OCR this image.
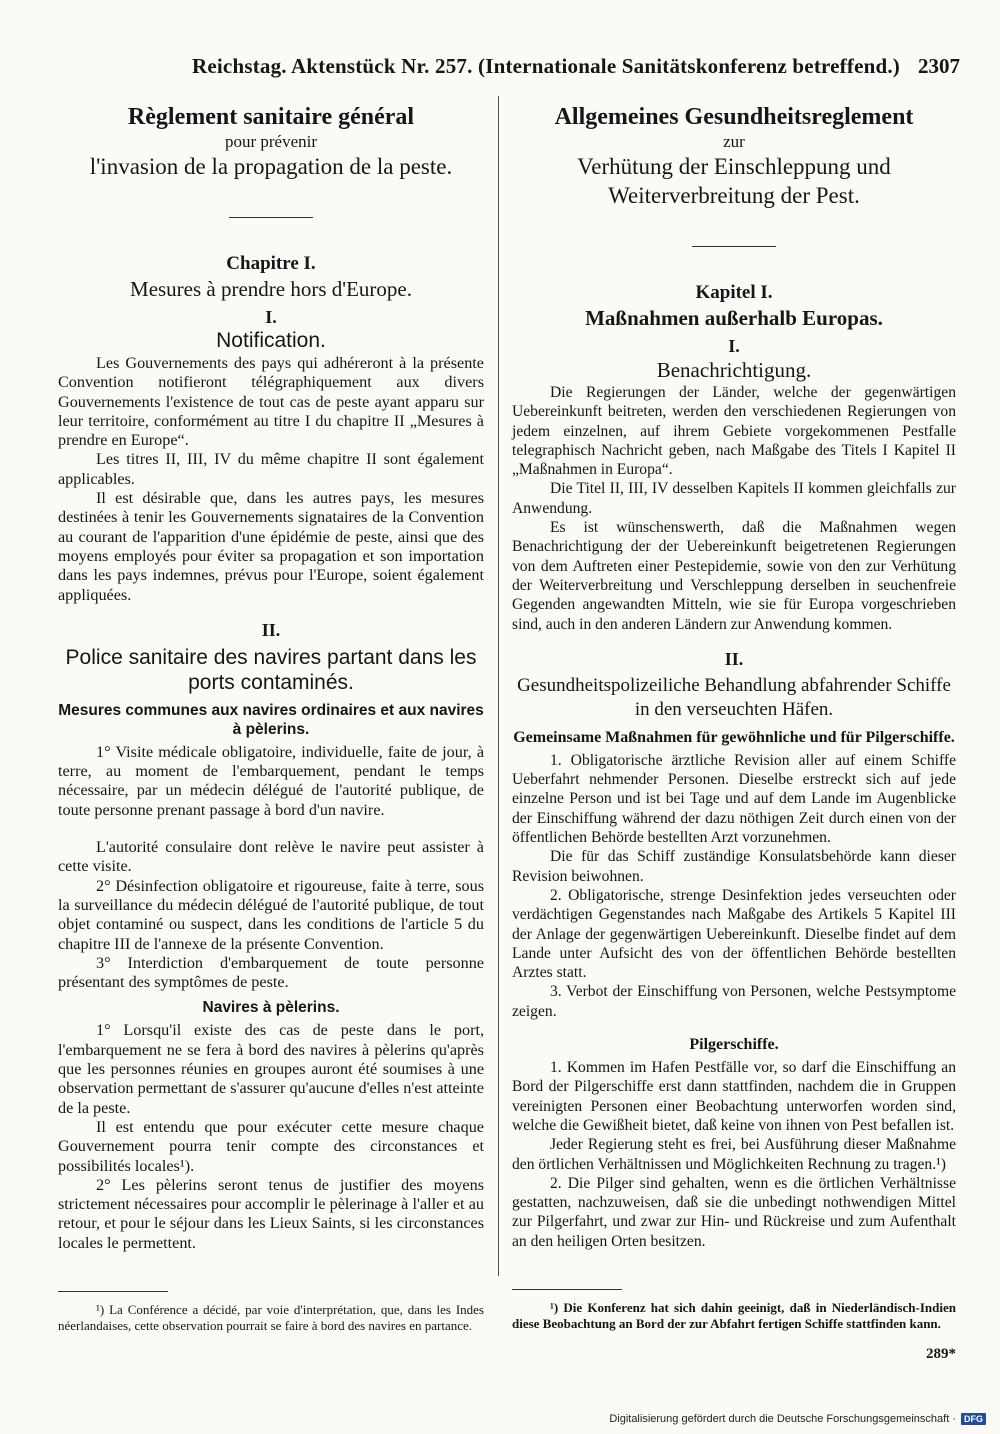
Reichstag. Aktenstück Nr. 257. (Internationale Sanitätskonferenz betreffend.) 2307
Règlement sanitaire général
pour prévenir
l'invasion de la propagation de la peste.
Chapitre I.
Mesures à prendre hors d'Europe.
I.
Notification.

Les Gouvernements des pays qui adhéreront à la présente Convention notifieront télégraphiquement aux divers Gouvernements l'existence de tout cas de peste ayant apparu sur leur territoire, conformément au titre I du chapitre II „Mesures à prendre en Europe“.

Les titres II, III, IV du même chapitre II sont également applicables.

Il est désirable que, dans les autres pays, les mesures destinées à tenir les Gouvernements signataires de la Convention au courant de l'apparition d'une épidémie de peste, ainsi que des moyens employés pour éviter sa propagation et son importation dans les pays indemnes, prévus pour l'Europe, soient également appliquées.

II.
Police sanitaire des navires partant dans les ports contaminés.
Mesures communes aux navires ordinaires et aux navires à pèlerins.

1° Visite médicale obligatoire, individuelle, faite de jour, à terre, au moment de l'embarquement, pendant le temps nécessaire, par un médecin délégué de l'autorité publique, de toute personne prenant passage à bord d'un navire.

L'autorité consulaire dont relève le navire peut assister à cette visite.

2° Désinfection obligatoire et rigoureuse, faite à terre, sous la surveillance du médecin délégué de l'autorité publique, de tout objet contaminé ou suspect, dans les conditions de l'article 5 du chapitre III de l'annexe de la présente Convention.

3° Interdiction d'embarquement de toute personne présentant des symptômes de peste.

Navires à pèlerins.

1° Lorsqu'il existe des cas de peste dans le port, l'embarquement ne se fera à bord des navires à pèlerins qu'après que les personnes réunies en groupes auront été soumises à une observation permettant de s'assurer qu'aucune d'elles n'est atteinte de la peste.

Il est entendu que pour exécuter cette mesure chaque Gouvernement pourra tenir compte des circonstances et possibilités locales¹).

2° Les pèlerins seront tenus de justifier des moyens strictement nécessaires pour accomplir le pèlerinage à l'aller et au retour, et pour le séjour dans les Lieux Saints, si les circonstances locales le permettent.

¹) La Conférence a décidé, par voie d'interprétation, que, dans les Indes néerlandaises, cette observation pourrait se faire à bord des navires en partance.

Allgemeines Gesundheitsreglement
zur
Verhütung der Einschleppung und Weiterverbreitung der Pest.
Kapitel I.
Maßnahmen außerhalb Europas.
I.
Benachrichtigung.

Die Regierungen der Länder, welche der gegenwärtigen Uebereinkunft beitreten, werden den verschiedenen Regierungen von jedem einzelnen, auf ihrem Gebiete vorgekommenen Pestfalle telegraphisch Nachricht geben, nach Maßgabe des Titels I Kapitel II „Maßnahmen in Europa“.

Die Titel II, III, IV desselben Kapitels II kommen gleichfalls zur Anwendung.

Es ist wünschenswerth, daß die Maßnahmen wegen Benachrichtigung der der Uebereinkunft beigetretenen Regierungen von dem Auftreten einer Pestepidemie, sowie von den zur Verhütung der Weiterverbreitung und Verschleppung derselben in seuchenfreie Gegenden angewandten Mitteln, wie sie für Europa vorgeschrieben sind, auch in den anderen Ländern zur Anwendung kommen.

II.
Gesundheitspolizeiliche Behandlung abfahrender Schiffe in den verseuchten Häfen.
Gemeinsame Maßnahmen für gewöhnliche und für Pilgerschiffe.

1. Obligatorische ärztliche Revision aller auf einem Schiffe Ueberfahrt nehmender Personen. Dieselbe erstreckt sich auf jede einzelne Person und ist bei Tage und auf dem Lande im Augenblicke der Einschiffung während der dazu nöthigen Zeit durch einen von der öffentlichen Behörde bestellten Arzt vorzunehmen.

Die für das Schiff zuständige Konsulatsbehörde kann dieser Revision beiwohnen.

2. Obligatorische, strenge Desinfektion jedes verseuchten oder verdächtigen Gegenstandes nach Maßgabe des Artikels 5 Kapitel III der Anlage der gegenwärtigen Uebereinkunft. Dieselbe findet auf dem Lande unter Aufsicht des von der öffentlichen Behörde bestellten Arztes statt.

3. Verbot der Einschiffung von Personen, welche Pestsymptome zeigen.

Pilgerschiffe.

1. Kommen im Hafen Pestfälle vor, so darf die Einschiffung an Bord der Pilgerschiffe erst dann stattfinden, nachdem die in Gruppen vereinigten Personen einer Beobachtung unterworfen worden sind, welche die Gewißheit bietet, daß keine von ihnen von Pest befallen ist.

Jeder Regierung steht es frei, bei Ausführung dieser Maßnahme den örtlichen Verhältnissen und Möglichkeiten Rechnung zu tragen.¹)

2. Die Pilger sind gehalten, wenn es die örtlichen Verhältnisse gestatten, nachzuweisen, daß sie die unbedingt nothwendigen Mittel zur Pilgerfahrt, und zwar zur Hin- und Rückreise und zum Aufenthalt an den heiligen Orten besitzen.

¹) Die Konferenz hat sich dahin geeinigt, daß in Niederländisch-Indien diese Beobachtung an Bord der zur Abfahrt fertigen Schiffe stattfinden kann.

289*
Digitalisierung gefördert durch die Deutsche Forschungsgemeinschaft · DFG
